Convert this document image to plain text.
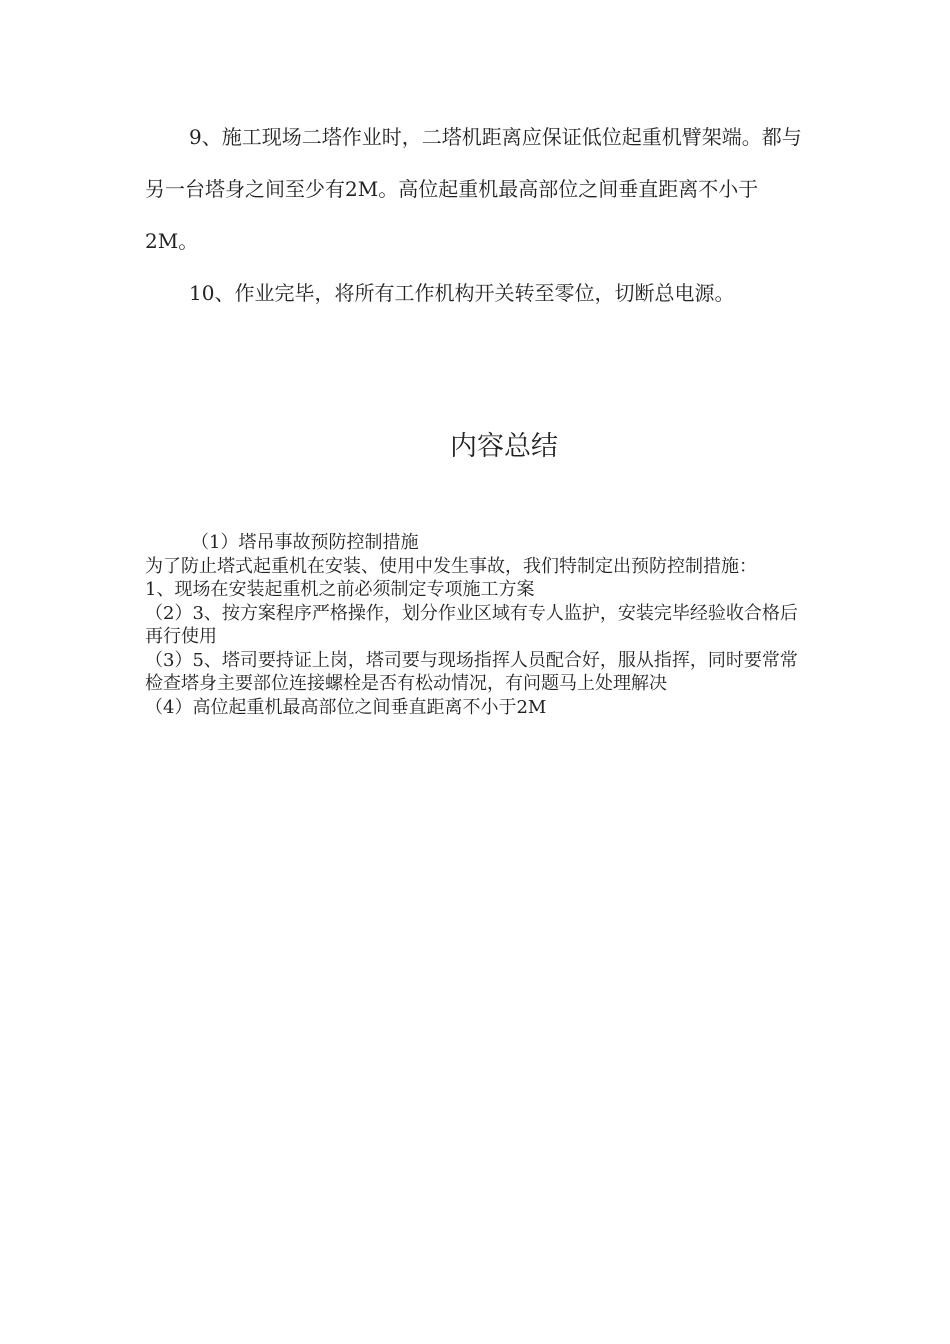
9、施工现场二塔作业时，二塔机距离应保证低位起重机臂架端。都与另一台塔身之间至少有2M。高位起重机最高部位之间垂直距离不小于2M。

10、作业完毕，将所有工作机构开关转至零位，切断总电源。

内容总结

（1）塔吊事故预防控制措施

为了防止塔式起重机在安装、使用中发生事故，我们特制定出预防控制措施：

1、现场在安装起重机之前必须制定专项施工方案

（2）3、按方案程序严格操作，划分作业区域有专人监护，安装完毕经验收合格后再行使用

（3）5、塔司要持证上岗，塔司要与现场指挥人员配合好，服从指挥，同时要常常检查塔身主要部位连接螺栓是否有松动情况，有问题马上处理解决

（4）高位起重机最高部位之间垂直距离不小于2M
